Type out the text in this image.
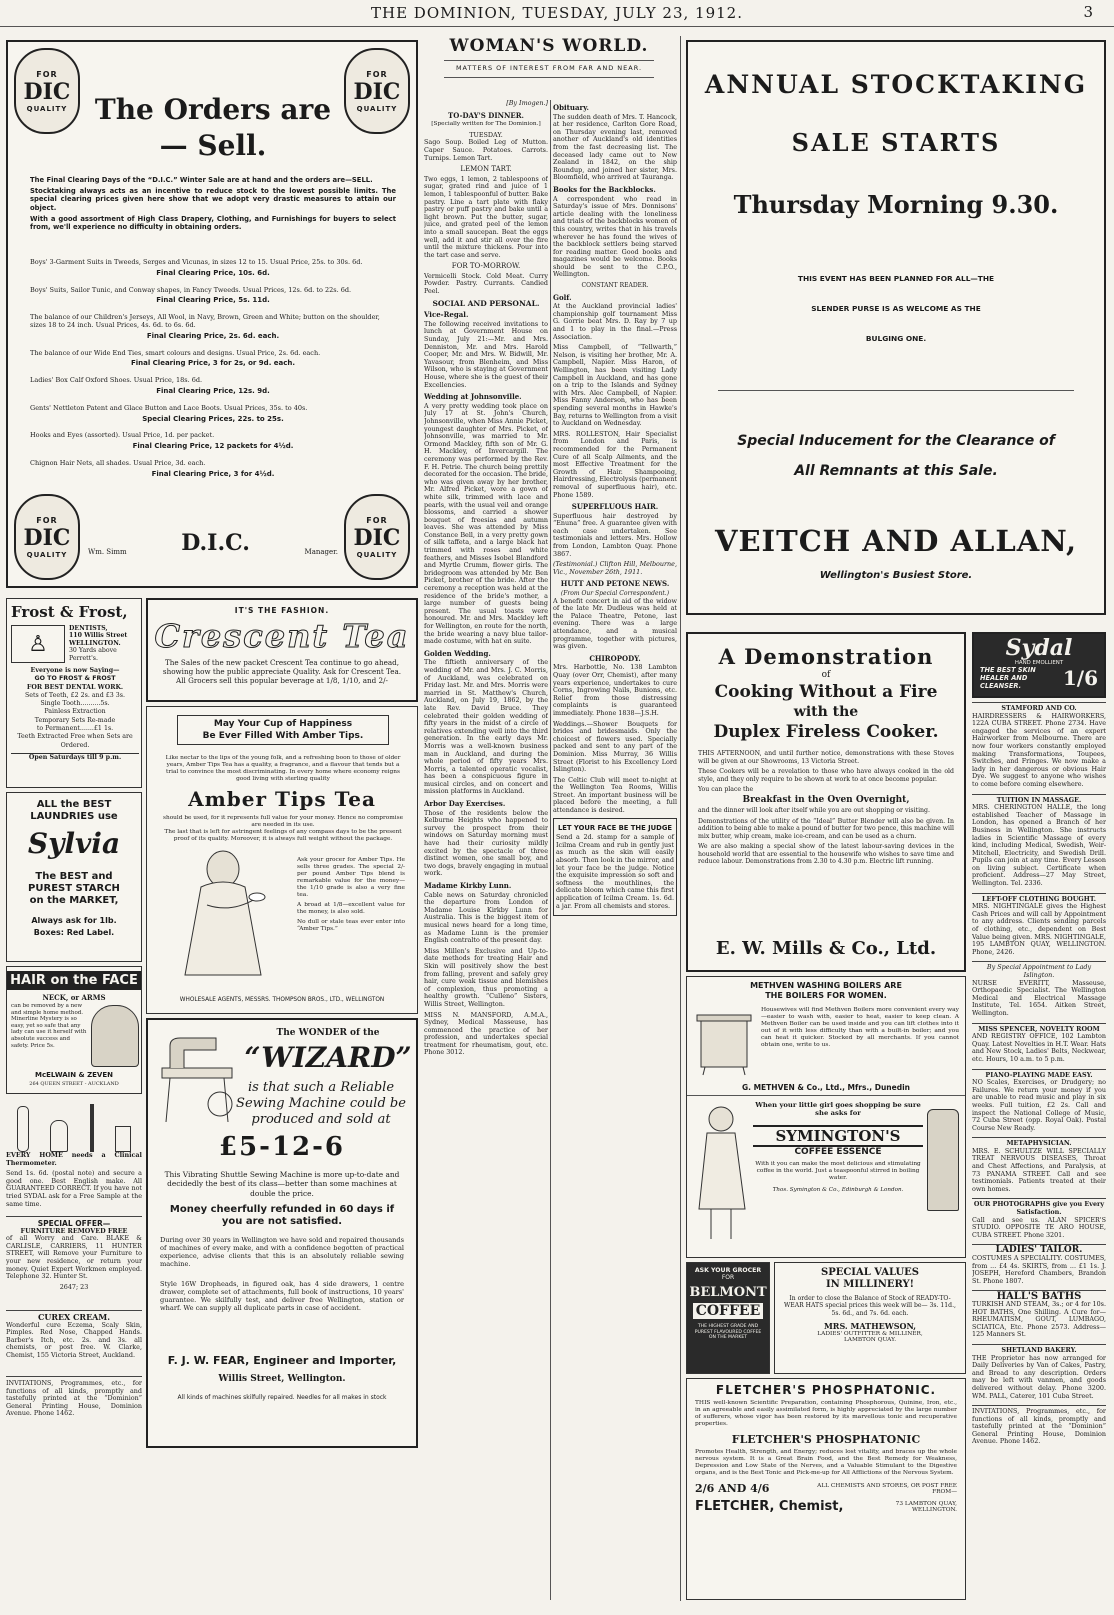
THE DOMINION, TUESDAY, JULY 23, 1912.	3
FOR
DIC
QUALITY
FOR
DIC
QUALITY
FOR
DIC
QUALITY
FOR
DIC
QUALITY
The Orders are— Sell.
The Final Clearing Days of the “D.I.C.” Winter Sale are at hand and the orders are—SELL.
Stocktaking always acts as an incentive to reduce stock to the lowest possible limits. The special clearing prices given here show that we adopt very drastic measures to attain our object.
With a good assortment of High Class Drapery, Clothing, and Furnishings for buyers to select from, we'll experience no difficulty in obtaining orders.
Boys' 3-Garment Suits in Tweeds, Serges and Vicunas, in sizes 12 to 15. Usual Price, 25s. to 30s. 6d.
Final Clearing Price, 10s. 6d.
Boys' Suits, Sailor Tunic, and Conway shapes, in Fancy Tweeds. Usual Prices, 12s. 6d. to 22s. 6d.
Final Clearing Price, 5s. 11d.
The balance of our Children's Jerseys, All Wool, in Navy, Brown, Green and White; button on the shoulder, sizes 18 to 24 inch. Usual Prices, 4s. 6d. to 6s. 6d.
Final Clearing Price, 2s. 6d. each.
The balance of our Wide End Ties, smart colours and designs. Usual Price, 2s. 6d. each.
Final Clearing Price, 3 for 2s, or 9d. each.
Ladies' Box Calf Oxford Shoes. Usual Price, 18s. 6d.
Final Clearing Price, 12s. 9d.
Gents' Nettleton Patent and Glace Button and Lace Boots. Usual Prices, 35s. to 40s.
Special Clearing Prices, 22s. to 25s.
Hooks and Eyes (assorted). Usual Price, 1d. per packet.
Final Clearing Price, 12 packets for 4½d.
Chignon Hair Nets, all shades. Usual Price, 3d. each.
Final Clearing Price, 3 for 4½d.
Wm. Simm D.I.C.	Manager.
WOMAN'S WORLD.
MATTERS OF INTEREST FROM FAR AND NEAR.
[By Imogen.]
TO-DAY'S DINNER.
[Specially written for The Dominion.]
TUESDAY.
Sago Soup. Boiled Leg of Mutton. Caper Sauce. Potatoes. Carrots. Turnips. Lemon Tart.
LEMON TART.
Two eggs, 1 lemon, 2 tablespoons of sugar, grated rind and juice of 1 lemon, 1 tablespoonful of butter. Bake pastry. Line a tart plate with flaky pastry or puff pastry and bake until a light brown. Put the butter, sugar, juice, and grated peel of the lemon into a small saucepan. Beat the eggs well, add it and stir all over the fire until the mixture thickens. Pour into the tart case and serve.
FOR TO-MORROW.
Vermicelli Stock. Cold Meat. Curry Powder. Pastry. Currants. Candied Peel.
SOCIAL AND PERSONAL.
Vice-Regal.
The following received invitations to lunch at Government House on Sunday, July 21:—Mr. and Mrs. Denniston, Mr. and Mrs. Harold Cooper, Mr. and Mrs. W. Bidwill, Mr. Yavasour, from Blenheim, and Miss Wilson, who is staying at Government House, where she is the guest of their Excellencies.
Wedding at Johnsonville.
A very pretty wedding took place on July 17 at St. John's Church, Johnsonville, when Miss Annie Picket, youngest daughter of Mrs. Picket, of Johnsonville, was married to Mr. Ormond Mackley, fifth son of Mr. G. H. Mackley, of Invercargill. The ceremony was performed by the Rev. F. H. Petrie. The church being prettily decorated for the occasion. The bride, who was given away by her brother, Mr. Alfred Picket, wore a gown of white silk, trimmed with lace and pearls, with the usual veil and orange blossoms, and carried a shower bouquet of freesias and autumn leaves. She was attended by Miss Constance Bell, in a very pretty gown of silk taffeta, and a large black hat trimmed with roses and white feathers, and Misses Isobel Blandford and Myrtle Crumm, flower girls. The bridegroom was attended by Mr. Ben Picket, brother of the bride. After the ceremony a reception was held at the residence of the bride's mother, a large number of guests being present. The usual toasts were honoured. Mr. and Mrs. Mackley left for Wellington, en route for the north, the bride wearing a navy blue tailor-made costume, with hat en suite.
Golden Wedding.
The fiftieth anniversary of the wedding of Mr. and Mrs. J. C. Morris, of Auckland, was celebrated on Friday last. Mr. and Mrs. Morris were married in St. Matthew's Church, Auckland, on July 19, 1862, by the late Rev. David Bruce. They celebrated their golden wedding of fifty years in the midst of a circle of relatives extending well into the third generation. In the early days Mr. Morris was a well-known business man in Auckland, and during the whole period of fifty years Mrs. Morris, a talented operatic vocalist, has been a conspicuous figure in musical circles, and on concert and mission platforms in Auckland.
Arbor Day Exercises.
Those of the residents below the Kelburne Heights who happened to survey the prospect from their windows on Saturday morning must have had their curiosity mildly excited by the spectacle of three distinct women, one small boy, and two dogs, bravely engaging in mutual work.
Madame Kirkby Lunn.
Cable news on Saturday chronicled the departure from London of Madame Louise Kirkby Lunn for Australia. This is the biggest item of musical news heard for a long time, as Madame Lunn is the premier English contralto of the present day.
Miss Millen's Exclusive and Up-to-date methods for treating Hair and Skin will positively show the best from falling, prevent and safely grey hair, cure weak tissue and blemishes of complexion, thus promoting a healthy growth. “Culleno” Sisters, Willis Street, Wellington.
MISS N. MANSFORD, A.M.A., Sydney, Medical Masseuse, has commenced the practice of her profession, and undertakes special treatment for rheumatism, gout, etc. Phone 3012.
Obituary.
The sudden death of Mrs. T. Hancock, at her residence, Carlton Gore Road, on Thursday evening last, removed another of Auckland's old identities from the fast decreasing list. The deceased lady came out to New Zealand in 1842, on the ship Roundup, and joined her sister, Mrs. Bloomfield, who arrived at Tauranga.
Books for the Backblocks.
A correspondent who read in Saturday's issue of Mrs. Donnisons' article dealing with the loneliness and trials of the backblocks women of this country, writes that in his travels wherever he has found the wives of the backblock settlers being starved for reading matter. Good books and magazines would be welcome. Books should be sent to the C.P.O., Wellington.
CONSTANT READER.
Golf.
At the Auckland provincial ladies' championship golf tournament Miss G. Gorrie beat Mrs. D. Ray by 7 up and 1 to play in the final.—Press Association.
Miss Campbell, of “Tellwarth,” Nelson, is visiting her brother, Mr. A. Campbell, Napier. Miss Haron, of Wellington, has been visiting Lady Campbell in Auckland, and has gone on a trip to the Islands and Sydney with Mrs. Alec Campbell, of Napier. Miss Fanny Anderson, who has been spending several months in Hawke's Bay, returns to Wellington from a visit to Auckland on Wednesday.
MRS. ROLLESTON, Hair Specialist from London and Paris, is recommended for the Permanent Cure of all Scalp Ailments, and the most Effective Treatment for the Growth of Hair. Shampooing, Hairdressing, Electrolysis (permanent removal of superfluous hair), etc. Phone 1589.
SUPERFLUOUS HAIR.
Superfluous hair destroyed by “Enuna” free. A guarantee given with each case undertaken. See testimonials and letters. Mrs. Hollow from London, Lambton Quay. Phone 3867.
(Testimonial.) Clifton Hill, Melbourne, Vic., November 26th, 1911.
HUTT AND PETONE NEWS.
(From Our Special Correspondent.)
A benefit concert in aid of the widow of the late Mr. Dudleus was held at the Palace Theatre, Petone, last evening. There was a large attendance, and a musical programme, together with pictures, was given.
CHIROPODY.
Mrs. Harbottle, No. 138 Lambton Quay (over Orr, Chemist), after many years experience, undertakes to cure Corns, Ingrowing Nails, Bunions, etc. Relief from those distressing complaints is guaranteed immediately. Phone 1838—J.S.H.
Weddings.—Shower Bouquets for brides and bridesmaids. Only the choicest of flowers used. Specially packed and sent to any part of the Dominion. Miss Murray, 36 Willis Street (Florist to his Excellency Lord Islington).
The Celtic Club will meet to-night at the Wellington Tea Rooms, Willis Street. An important business will be placed before the meeting, a full attendance is desired.
LET YOUR FACE BE THE JUDGE
Send a 2d. stamp for a sample of Icilma Cream and rub in gently just as much as the skin will easily absorb. Then look in the mirror, and let your face be the judge. Notice the exquisite impression so soft and softness the mouthlines, the delicate bloom which came this first application of Icilma Cream. 1s. 6d. a jar. From all chemists and stores.
ANNUAL STOCKTAKING
SALE STARTS
Thursday Morning 9.30.
THIS EVENT HAS BEEN PLANNED FOR ALL—THE
SLENDER PURSE IS AS WELCOME AS THE
BULGING ONE.
Special Inducement for the Clearance of
All Remnants at this Sale.
VEITCH AND ALLAN,
Wellington's Busiest Store.
Frost & Frost,
♙
DENTISTS,
110 Willis Street
WELLINGTON.
30 Yards above Perrett's.
Everyone is now Saying—
GO TO FROST & FROST
FOR BEST DENTAL WORK.
Sets of Teeth, £2 2s. and £3 3s.
Single Tooth..........5s.
Painless Extraction
Temporary Sets Re-made
to Permanent.......£1 1s.
Teeth Extracted Free when Sets are Ordered.
Open Saturdays till 9 p.m.
ALL the BEST
LAUNDRIES use
Sylvia
The BEST and
PUREST STARCH
on the MARKET,
Always ask for 1lb.
Boxes: Red Label.
HAIR on the FACE
NECK, or ARMS
can be removed by a new and simple home method. Minerline Mystery is so easy, yet so safe that any lady can use it herself with absolute success and safety. Price 5s.
McELWAIN & ZEVEN
264 QUEEN STREET - AUCKLAND
EVERY HOME needs a Clinical Thermometer.
Send 1s. 6d. (postal note) and secure a good one. Best English make. All GUARANTEED CORRECT. If you have not tried SYDAL ask for a Free Sample at the same time.
SPECIAL OFFER—
FURNITURE REMOVED FREE
of all Worry and Care. BLAKE & CARLISLE, CARRIERS, 11 HUNTER STREET, will Remove your Furniture to your new residence, or return your money. Quiet Expert Workmen employed. Telephone 32. Hunter St.
2647; 23
CUREX CREAM.
Wonderful cure Eczema, Scaly Skin, Pimples. Red Nose, Chapped Hands. Barber's Itch, etc. 2s. and 3s. all chemists, or post free. W. Clarke, Chemist, 155 Victoria Street, Auckland.
INVITATIONS, Programmes, etc., for functions of all kinds, promptly and tastefully printed at the “Dominion” General Printing House, Dominion Avenue. Phone 1462.
IT'S THE FASHION.
Crescent Tea
The Sales of the new packet Crescent Tea continue to go ahead, showing how the public appreciate Quality. Ask for Crescent Tea. All Grocers sell this popular beverage at 1/8, 1/10, and 2/-
May Your Cup of Happiness
Be Ever Filled With Amber Tips.
Like nectar to the lips of the young folk, and a refreshing boon to those of older years, Amber Tips Tea has a quality, a fragrance, and a flavour that tends but a trial to convince the most discriminating. In every home where economy reigns good living with sterling quality
Amber Tips Tea
should be used, for it represents full value for your money. Hence no compromise are needed in its use.
The last that is left for astringent feelings of any compass days to be the present proof of its quality. Moreover, it is always full weight without the package.
Ask your grocer for Amber Tips. He sells three grades. The special 2/- per pound Amber Tips blend is remarkable value for the money—the 1/10 grade is also a very fine tea.
A broad at 1/8—excellent value for the money, is also sold.
No dull or stale teas ever enter into “Amber Tips.”
WHOLESALE AGENTS, MESSRS. THOMPSON BROS., LTD., WELLINGTON
The WONDER of the
“WIZARD”
is that such a Reliable
Sewing Machine could be
produced and sold at
£5-12-6
This Vibrating Shuttle Sewing Machine is more up-to-date and decidedly the best of its class—better than some machines at double the price.
Money cheerfully refunded in 60 days if you are not satisfied.
During over 30 years in Wellington we have sold and repaired thousands of machines of every make, and with a confidence begotten of practical experience, advise clients that this is an absolutely reliable sewing machine.
Style 16W Dropheads, in figured oak, has 4 side drawers, 1 centre drawer, complete set of attachments, full book of instructions, 10 years' guarantee. We skilfully test, and deliver free Wellington, station or wharf. We can supply all duplicate parts in case of accident.
F. J. W. FEAR, Engineer and Importer,
Willis Street, Wellington.
All kinds of machines skilfully repaired. Needles for all makes in stock
A Demonstration
of
Cooking Without a Fire
with the
Duplex Fireless Cooker.
THIS AFTERNOON, and until further notice, demonstrations with these Stoves will be given at our Showrooms, 13 Victoria Street.
These Cookers will be a revelation to those who have always cooked in the old style, and they only require to be shown at work to at once become popular.
You can place the
Breakfast in the Oven Overnight,
and the dinner will look after itself while you are out shopping or visiting.
Demonstrations of the utility of the “Ideal” Butter Blender will also be given. In addition to being able to make a pound of butter for two pence, this machine will mix butter, whip cream, make ice-cream, and can be used as a churn.
We are also making a special show of the latest labour-saving devices in the household world that are essential to the housewife who wishes to save time and reduce labour. Demonstrations from 2.30 to 4.30 p.m. Electric lift running.
E. W. Mills & Co., Ltd.
METHVEN WASHING BOILERS ARE
THE BOILERS FOR WOMEN.
Housewives will find Methven Boilers more convenient every way—easier to wash with, easier to heat, easier to keep clean. A Methven Boiler can be used inside and you can lift clothes into it out of it with less difficulty than with a built-in boiler; and you can heat it quicker. Stocked by all merchants. If you cannot obtain one, write to us.
G. METHVEN & Co., Ltd., Mfrs., Dunedin
When your little girl goes shopping be sure she asks for
SYMINGTON'S
COFFEE ESSENCE
With it you can make the most delicious and stimulating coffee in the world. Just a teaspoonful stirred in boiling water.
Thos. Symington & Co., Edinburgh & London.
ASK YOUR GROCER
FOR
BELMONT
COFFEE
THE HIGHEST GRADE AND PUREST FLAVOURED COFFEE ON THE MARKET
SPECIAL VALUES
IN MILLINERY!
In order to close the Balance of Stock of READY-TO-WEAR HATS special prices this week will be— 3s. 11d., 5s. 6d., and 7s. 6d. each.
MRS. MATHEWSON,
LADIES' OUTFITTER & MILLINER,
LAMBTON QUAY.
FLETCHER'S PHOSPHATONIC.
THIS well-known Scientific Preparation, containing Phosphorous, Quinine, Iron, etc., in an agreeable and easily assimilated form, is highly appreciated by the large number of sufferers, whose vigor has been restored by its marvellous tonic and recuperative properties.
FLETCHER'S PHOSPHATONIC
Promotes Health, Strength, and Energy; reduces lost vitality, and braces up the whole nervous system. It is a Great Brain Food, and the Best Remedy for Weakness, Depression and Low State of the Nerves, and a Valuable Stimulant to the Digestive organs, and is the Best Tonic and Pick-me-up for All Afflictions of the Nervous System.
2/6 AND 4/6	ALL CHEMISTS AND STORES, OR POST FREE FROM—
FLETCHER, Chemist,	73 LAMBTON QUAY, WELLINGTON.
Sydal
HAND EMOLLIENT
THE BEST SKIN HEALER AND CLEANSER.	1/6
STAMFORD AND CO.
HAIRDRESSERS & HAIRWORKERS, 122A CUBA STREET. Phone 2734. Have engaged the services of an expert Hairworker from Melbourne. There are now four workers constantly employed making Transformations, Toupees, Switches, and Fringes. We now make a lady in her dangerous or obvious Hair Dye. We suggest to anyone who wishes to come before coming elsewhere.
TUITION IN MASSAGE.
MRS. CHERINGTON HALLE, the long established Teacher of Massage in London, has opened a Branch of her Business in Wellington. She instructs ladies in Scientific Massage of every kind, including Medical, Swedish, Weir-Mitchell, Electricity, and Swedish Drill. Pupils can join at any time. Every Lesson on living subject. Certificate when proficient. Address—27 May Street, Wellington. Tel. 2336.
LEFT-OFF CLOTHING BOUGHT.
MRS. NIGHTINGALE gives the Highest Cash Prices and will call by Appointment to any address. Clients sending parcels of clothing, etc., dependent on Best Value being given. MRS. NIGHTINGALE, 195 LAMBTON QUAY, WELLINGTON. Phone, 2426.
By Special Appointment to Lady Islington.
NURSE EVERITT, Masseuse, Orthopaedic Specialist. The Wellington Medical and Electrical Massage Institute, Tel. 1654. Aitken Street, Wellington.
MISS SPENCER, NOVELTY ROOM
AND REGISTRY OFFICE, 102 Lambton Quay. Latest Novelties in H.T. Wear. Hats and New Stock, Ladies' Belts, Neckwear, etc. Hours, 10 a.m. to 5 p.m.
PIANO-PLAYING MADE EASY.
NO Scales, Exercises, or Drudgery; no Failures. We return your money if you are unable to read music and play in six weeks. Full tuition, £2 2s. Call and inspect the National College of Music, 72 Cuba Street (opp. Royal Oak). Postal Course New Ready.
METAPHYSICIAN.
MRS. E. SCHULTZE WILL SPECIALLY TREAT NERVOUS DISEASES, Throat and Chest Affections, and Paralysis, at 73 PANAMA STREET. Call and see testimonials. Patients treated at their own homes.
OUR PHOTOGRAPHS give you Every Satisfaction.
Call and see us. ALAN SPICER'S STUDIO. OPPOSITE TE ARO HOUSE, CUBA STREET. Phone 3201.
LADIES' TAILOR.
COSTUMES A SPECIALITY. COSTUMES, from ... £4 4s. SKIRTS, from ... £1 1s. J. JOSEPH, Hereford Chambers, Brandon St. Phone 1807.
HALL'S BATHS
TURKISH AND STEAM, 3s.; or 4 for 10s. HOT BATHS, One Shilling. A Cure for— RHEUMATISM, GOUT, LUMBAGO, SCIATICA, Etc. Phone 2573. Address—125 Manners St.
SHETLAND BAKERY.
THE Proprietor has now arranged for Daily Deliveries by Van of Cakes, Pastry, and Bread to any description. Orders may be left with vanmen, and goods delivered without delay. Phone 3200. WM. PALL, Caterer, 101 Cuba Street.
INVITATIONS, Programmes, etc., for functions of all kinds, promptly and tastefully printed at the “Dominion” General Printing House, Dominion Avenue. Phone 1462.
